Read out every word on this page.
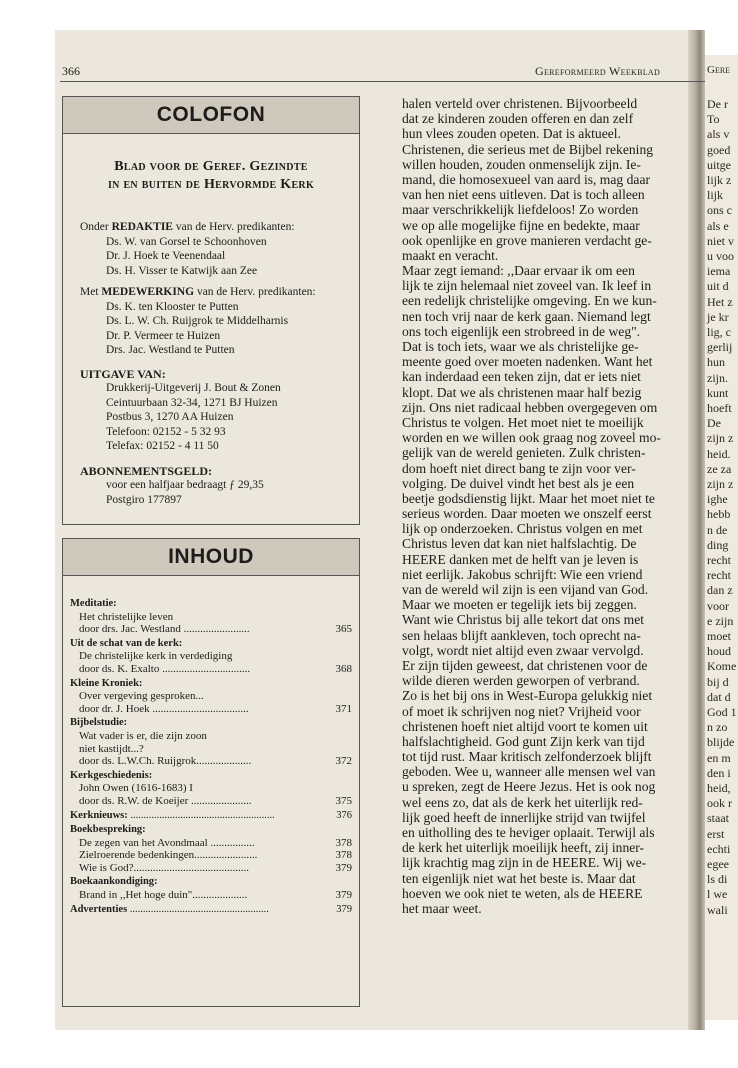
Gere
De r
To
als v
goed
uitge
lijk z
lijk
ons c
als e
niet v
u voo
iema
uit d
Het z
je kr
lig, c
gerlij
hun
zijn.
kunt
hoeft
De
zijn z
heid.
ze za
zijn z
ighe
hebb
n de
ding
recht
recht
dan z
voor
e zijn
moet
houd
Kome
bij d
dat d
God 1
n zo
blijde
en m
den i
heid,
ook r
staat
erst
echti
egee
ls di
l we
wali
366	Gereformeerd Weekblad
COLOFON
Blad voor de Geref. Gezindte
in en buiten de Hervormde Kerk
Onder REDAKTIE van de Herv. predikanten:
Ds. W. van Gorsel te Schoonhoven
Dr. J. Hoek te Veenendaal
Ds. H. Visser te Katwijk aan Zee
Met MEDEWERKING van de Herv. predikanten:
Ds. K. ten Klooster te Putten
Ds. L. W. Ch. Ruijgrok te Middelharnis
Dr. P. Vermeer te Huizen
Drs. Jac. Westland te Putten
UITGAVE VAN:
Drukkerij-Uitgeverij J. Bout & Zonen
Ceintuurbaan 32-34, 1271 BJ Huizen
Postbus 3, 1270 AA Huizen
Telefoon: 02152 - 5 32 93
Telefax: 02152 - 4 11 50
ABONNEMENTSGELD:
voor een halfjaar bedraagt ƒ 29,35
Postgiro 177897
INHOUD
Meditatie:
Het christelijke leven
door drs. Jac. Westland ........................	365
Uit de schat van de kerk:
De christelijke kerk in verdediging
door ds. K. Exalto ................................	368
Kleine Kroniek:
Over vergeving gesproken...
door dr. J. Hoek ...................................	371
Bijbelstudie:
Wat vader is er, die zijn zoon
niet kastijdt...?
door ds. L.W.Ch. Ruijgrok....................	372
Kerkgeschiedenis:
John Owen (1616-1683) I
door ds. R.W. de Koeijer ......................	375
Kerknieuws: .......................................................	376
Boekbespreking:
De zegen van het Avondmaal ................	378
Zielroerende bedenkingen.......................	378
Wie is God?..........................................	379
Boekaankondiging:
Brand in ,,Het hoge duin"....................	379
Advertenties .....................................................	379
halen verteld over christenen. Bijvoorbeeld
dat ze kinderen zouden offeren en dan zelf
hun vlees zouden opeten. Dat is aktueel.
Christenen, die serieus met de Bijbel rekening
willen houden, zouden onmenselijk zijn. Ie-
mand, die homosexueel van aard is, mag daar
van hen niet eens uitleven. Dat is toch alleen
maar verschrikkelijk liefdeloos! Zo worden
we op alle mogelijke fijne en bedekte, maar
ook openlijke en grove manieren verdacht ge-
maakt en veracht.
Maar zegt iemand: ,,Daar ervaar ik om een
lijk te zijn helemaal niet zoveel van. Ik leef in
een redelijk christelijke omgeving. En we kun-
nen toch vrij naar de kerk gaan. Niemand legt
ons toch eigenlijk een strobreed in de weg".
Dat is toch iets, waar we als christelijke ge-
meente goed over moeten nadenken. Want het
kan inderdaad een teken zijn, dat er iets niet
klopt. Dat we als christenen maar half bezig
zijn. Ons niet radicaal hebben overgegeven om
Christus te volgen. Het moet niet te moeilijk
worden en we willen ook graag nog zoveel mo-
gelijk van de wereld genieten. Zulk christen-
dom hoeft niet direct bang te zijn voor ver-
volging. De duivel vindt het best als je een
beetje godsdienstig lijkt. Maar het moet niet te
serieus worden. Daar moeten we onszelf eerst
lijk op onderzoeken. Christus volgen en met
Christus leven dat kan niet halfslachtig. De
HEERE danken met de helft van je leven is
niet eerlijk. Jakobus schrijft: Wie een vriend
van de wereld wil zijn is een vijand van God.
Maar we moeten er tegelijk iets bij zeggen.
Want wie Christus bij alle tekort dat ons met
sen helaas blijft aankleven, toch oprecht na-
volgt, wordt niet altijd even zwaar vervolgd.
Er zijn tijden geweest, dat christenen voor de
wilde dieren werden geworpen of verbrand.
Zo is het bij ons in West-Europa gelukkig niet
of moet ik schrijven nog niet? Vrijheid voor
christenen hoeft niet altijd voort te komen uit
halfslachtigheid. God gunt Zijn kerk van tijd
tot tijd rust. Maar kritisch zelfonderzoek blijft
geboden. Wee u, wanneer alle mensen wel van
u spreken, zegt de Heere Jezus. Het is ook nog
wel eens zo, dat als de kerk het uiterlijk red-
lijk goed heeft de innerlijke strijd van twijfel
en uitholling des te heviger oplaait. Terwijl als
de kerk het uiterlijk moeilijk heeft, zij inner-
lijk krachtig mag zijn in de HEERE. Wij we-
ten eigenlijk niet wat het beste is. Maar dat
hoeven we ook niet te weten, als de HEERE
het maar weet.
